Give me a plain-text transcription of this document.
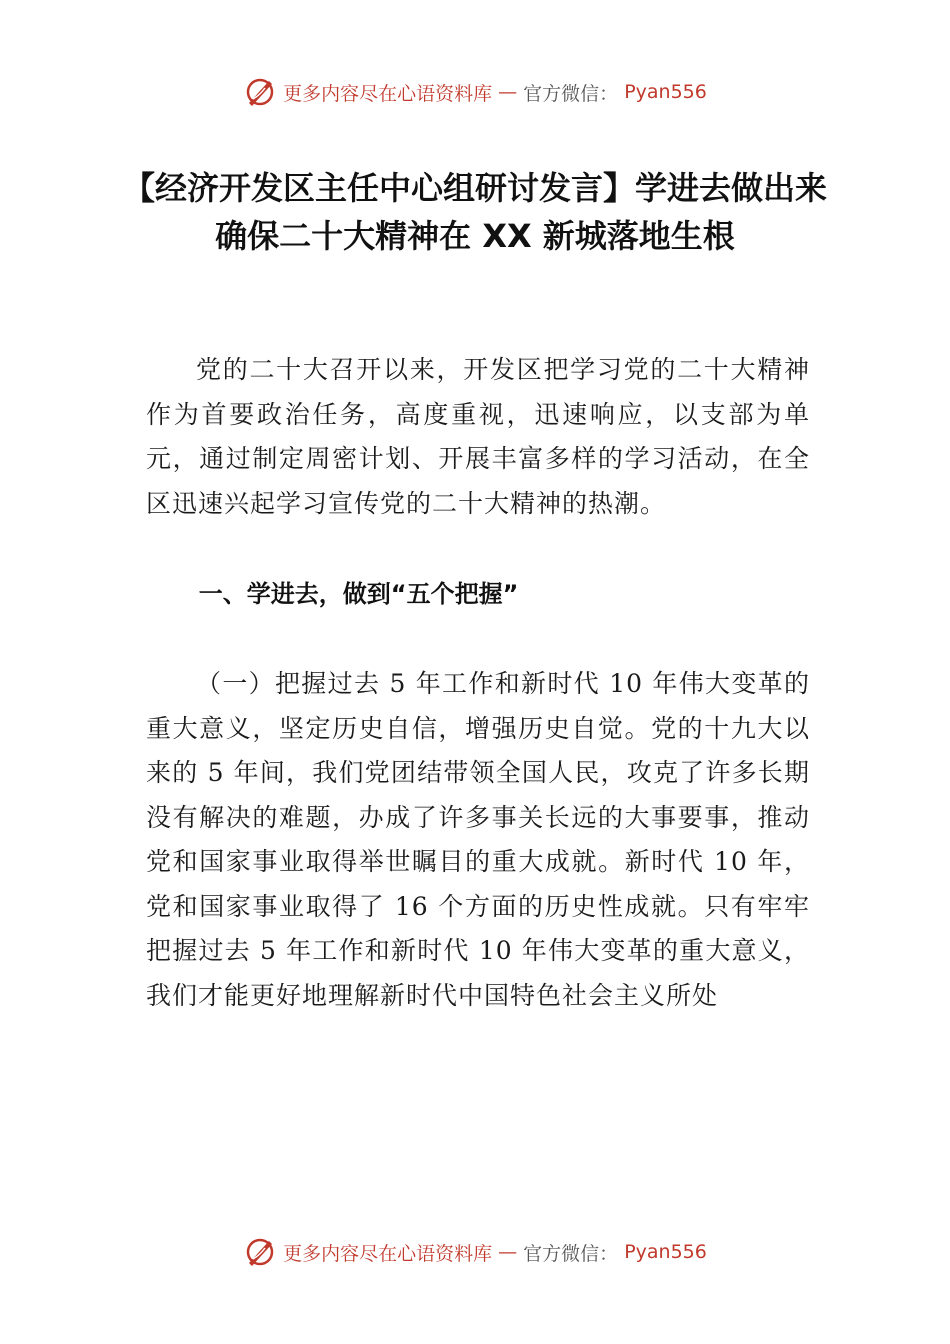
更多内容尽在心语资料库 — 官方微信： Pyan556
【经济开发区主任中心组研讨发言】学进去做出来 确保二十大精神在 XX 新城落地生根

党的二十大召开以来，开发区把学习党的二十大精神作为首要政治任务，高度重视，迅速响应，以支部为单元，通过制定周密计划、开展丰富多样的学习活动，在全区迅速兴起学习宣传党的二十大精神的热潮。

一、学进去，做到“五个把握”

（一）把握过去 5 年工作和新时代 10 年伟大变革的重大意义，坚定历史自信，增强历史自觉。党的十九大以来的 5 年间，我们党团结带领全国人民，攻克了许多长期没有解决的难题，办成了许多事关长远的大事要事，推动党和国家事业取得举世瞩目的重大成就。新时代 10 年，党和国家事业取得了 16 个方面的历史性成就。只有牢牢把握过去 5 年工作和新时代 10 年伟大变革的重大意义，我们才能更好地理解新时代中国特色社会主义所处

更多内容尽在心语资料库 — 官方微信： Pyan556
